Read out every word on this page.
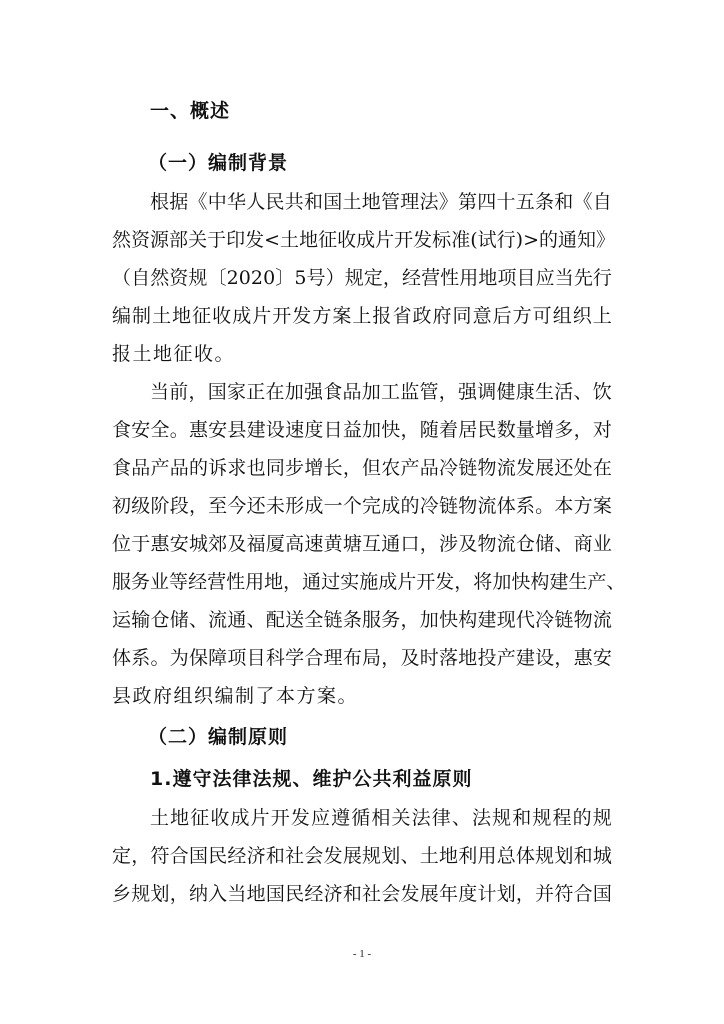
一、概述
（一）编制背景
根 据 《 中 华 人 民 共 和 国 土 地 管 理 法 》 第 四 十 五 条 和 《 自
然 资 源 部 关 于 印 发 < 土 地 征 收 成 片 开 发 标 准 ( 试 行 ) > 的 通 知 》
（ 自 然 资 规 〔 2 0 2 0 〕 5 号 ） 规 定 ， 经 营 性 用 地 项 目 应 当 先 行
编 制 土 地 征 收 成 片 开 发 方 案 上 报 省 政 府 同 意 后 方 可 组 织 上
报土地征收。
当 前 ， 国 家 正 在 加 强 食 品 加 工 监 管 ， 强 调 健 康 生 活 、 饮
食 安 全 。 惠 安 县 建 设 速 度 日 益 加 快 ， 随 着 居 民 数 量 增 多 ， 对
食 品 产 品 的 诉 求 也 同 步 增 长 ， 但 农 产 品 冷 链 物 流 发 展 还 处 在
初 级 阶 段 ， 至 今 还 未 形 成 一 个 完 成 的 冷 链 物 流 体 系 。 本 方 案
位 于 惠 安 城 郊 及 福 厦 高 速 黄 塘 互 通 口 ， 涉 及 物 流 仓 储 、 商 业
服 务 业 等 经 营 性 用 地 ， 通 过 实 施 成 片 开 发 ， 将 加 快 构 建 生 产 、
运 输 仓 储 、 流 通 、 配 送 全 链 条 服 务 ， 加 快 构 建 现 代 冷 链 物 流
体 系 。 为 保 障 项 目 科 学 合 理 布 局 ， 及 时 落 地 投 产 建 设 ， 惠 安
县政府组织编制了本方案。
（二）编制原则
1.遵守法律法规、维护公共利益原则
土 地 征 收 成 片 开 发 应 遵 循 相 关 法 律 、 法 规 和 规 程 的 规
定 ， 符 合 国 民 经 济 和 社 会 发 展 规 划 、 土 地 利 用 总 体 规 划 和 城
乡 规 划 ， 纳 入 当 地 国 民 经 济 和 社 会 发 展 年 度 计 划 ， 并 符 合 国
- 1 -
